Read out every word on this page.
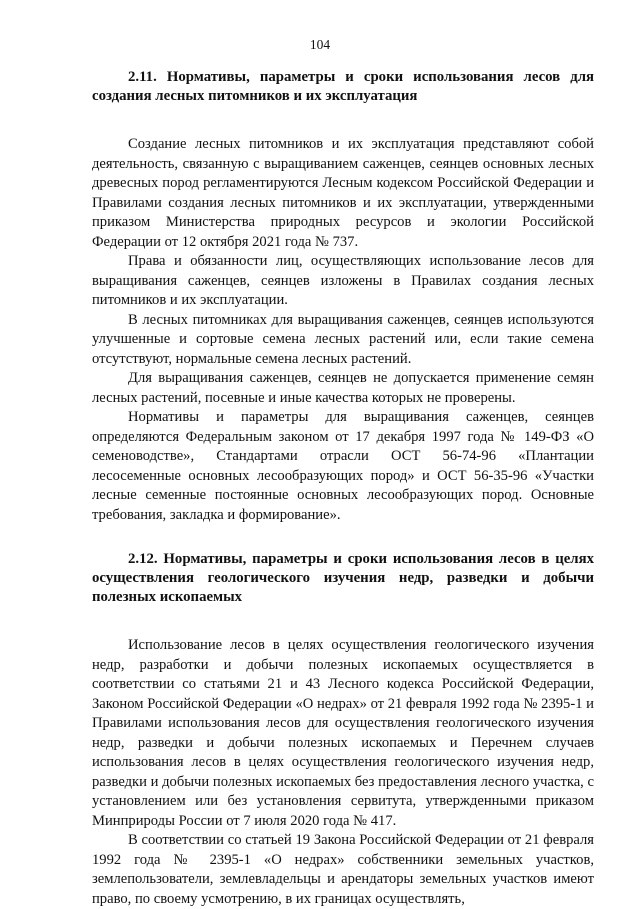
104
2.11. Нормативы, параметры и сроки использования лесов для создания лесных питомников и их эксплуатация

Создание лесных питомников и их эксплуатация представляют собой деятельность, связанную с выращиванием саженцев, сеянцев основных лесных древесных пород регламентируются Лесным кодексом Российской Федерации и Правилами создания лесных питомников и их эксплуатации, утвержденными приказом Министерства природных ресурсов и экологии Российской Федерации от 12 октября 2021 года № 737.

Права и обязанности лиц, осуществляющих использование лесов для выращивания саженцев, сеянцев изложены в Правилах создания лесных питомников и их эксплуатации.

В лесных питомниках для выращивания саженцев, сеянцев используются улучшенные и сортовые семена лесных растений или, если такие семена отсутствуют, нормальные семена лесных растений.

Для выращивания саженцев, сеянцев не допускается применение семян лесных растений, посевные и иные качества которых не проверены.

Нормативы и параметры для выращивания саженцев, сеянцев определяются Федеральным законом от 17 декабря 1997 года № 149-ФЗ «О семеноводстве», Стандартами отрасли ОСТ 56-74-96 «Плантации лесосеменные основных лесообразующих пород» и ОСТ 56-35-96 «Участки лесные семенные постоянные основных лесообразующих пород. Основные требования, закладка и формирование».

2.12. Нормативы, параметры и сроки использования лесов в целях осуществления геологического изучения недр, разведки и добычи полезных ископаемых

Использование лесов в целях осуществления геологического изучения недр, разработки и добычи полезных ископаемых осуществляется в соответствии со статьями 21 и 43 Лесного кодекса Российской Федерации, Законом Российской Федерации «О недрах» от 21 февраля 1992 года № 2395-1 и Правилами использования лесов для осуществления геологического изучения недр, разведки и добычи полезных ископаемых и Перечнем случаев использования лесов в целях осуществления геологического изучения недр, разведки и добычи полезных ископаемых без предоставления лесного участка, с установлением или без установления сервитута, утвержденными приказом Минприроды России от 7 июля 2020 года № 417.

В соответствии со статьей 19 Закона Российской Федерации от 21 февраля 1992 года № 2395-1 «О недрах» собственники земельных участков, землепользователи, землевладельцы и арендаторы земельных участков имеют право, по своему усмотрению, в их границах осуществлять,
